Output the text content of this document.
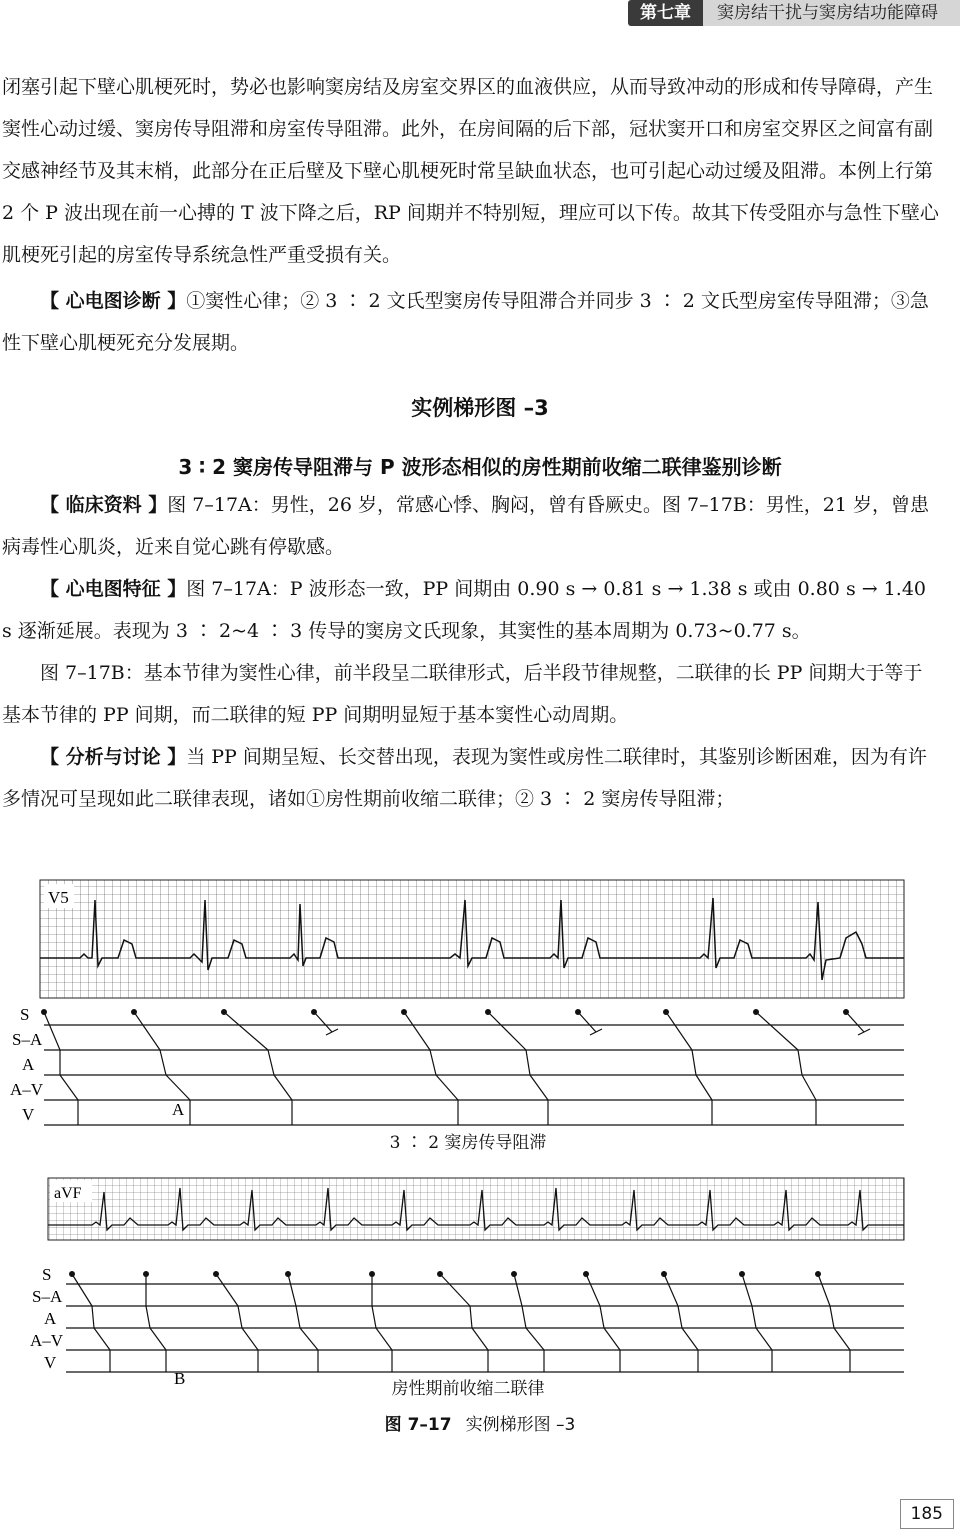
第七章	窦房结干扰与窦房结功能障碍

闭塞引起下壁心肌梗死时，势必也影响窦房结及房室交界区的血液供应，从而导致冲动的形成和传导障碍，产生窦性心动过缓、窦房传导阻滞和房室传导阻滞。此外，在房间隔的后下部，冠状窦开口和房室交界区之间富有副交感神经节及其末梢，此部分在正后壁及下壁心肌梗死时常呈缺血状态，也可引起心动过缓及阻滞。本例上行第 2 个 P 波出现在前一心搏的 T 波下降之后，RP 间期并不特别短，理应可以下传。故其下传受阻亦与急性下壁心肌梗死引起的房室传导系统急性严重受损有关。

【 心电图诊断 】①窦性心律；② 3 ∶ 2 文氏型窦房传导阻滞合并同步 3 ∶ 2 文氏型房室传导阻滞；③急性下壁心肌梗死充分发展期。

实例梯形图 –3
3 ∶ 2 窦房传导阻滞与 P 波形态相似的房性期前收缩二联律鉴别诊断

【 临床资料 】图 7–17A：男性，26 岁，常感心悸、胸闷，曾有昏厥史。图 7–17B：男性，21 岁，曾患病毒性心肌炎，近来自觉心跳有停歇感。

【 心电图特征 】图 7–17A：P 波形态一致，PP 间期由 0.90 s → 0.81 s → 1.38 s 或由 0.80 s → 1.40 s 逐渐延展。表现为 3 ∶ 2~4 ∶ 3 传导的窦房文氏现象，其窦性的基本周期为 0.73~0.77 s。

图 7–17B：基本节律为窦性心律，前半段呈二联律形式，后半段节律规整，二联律的长 PP 间期大于等于基本节律的 PP 间期，而二联律的短 PP 间期明显短于基本窦性心动周期。

【 分析与讨论 】当 PP 间期呈短、长交替出现，表现为窦性或房性二联律时，其鉴别诊断困难，因为有许多情况可呈现如此二联律表现，诸如①房性期前收缩二联律；② 3 ∶ 2 窦房传导阻滞；

V5
S
S–A
A
A–V
V	A
aVF
S
S–A
A
A–V
V
B
3 ∶ 2 窦房传导阻滞
房性期前收缩二联律
图 7–17 实例梯形图 –3
185
